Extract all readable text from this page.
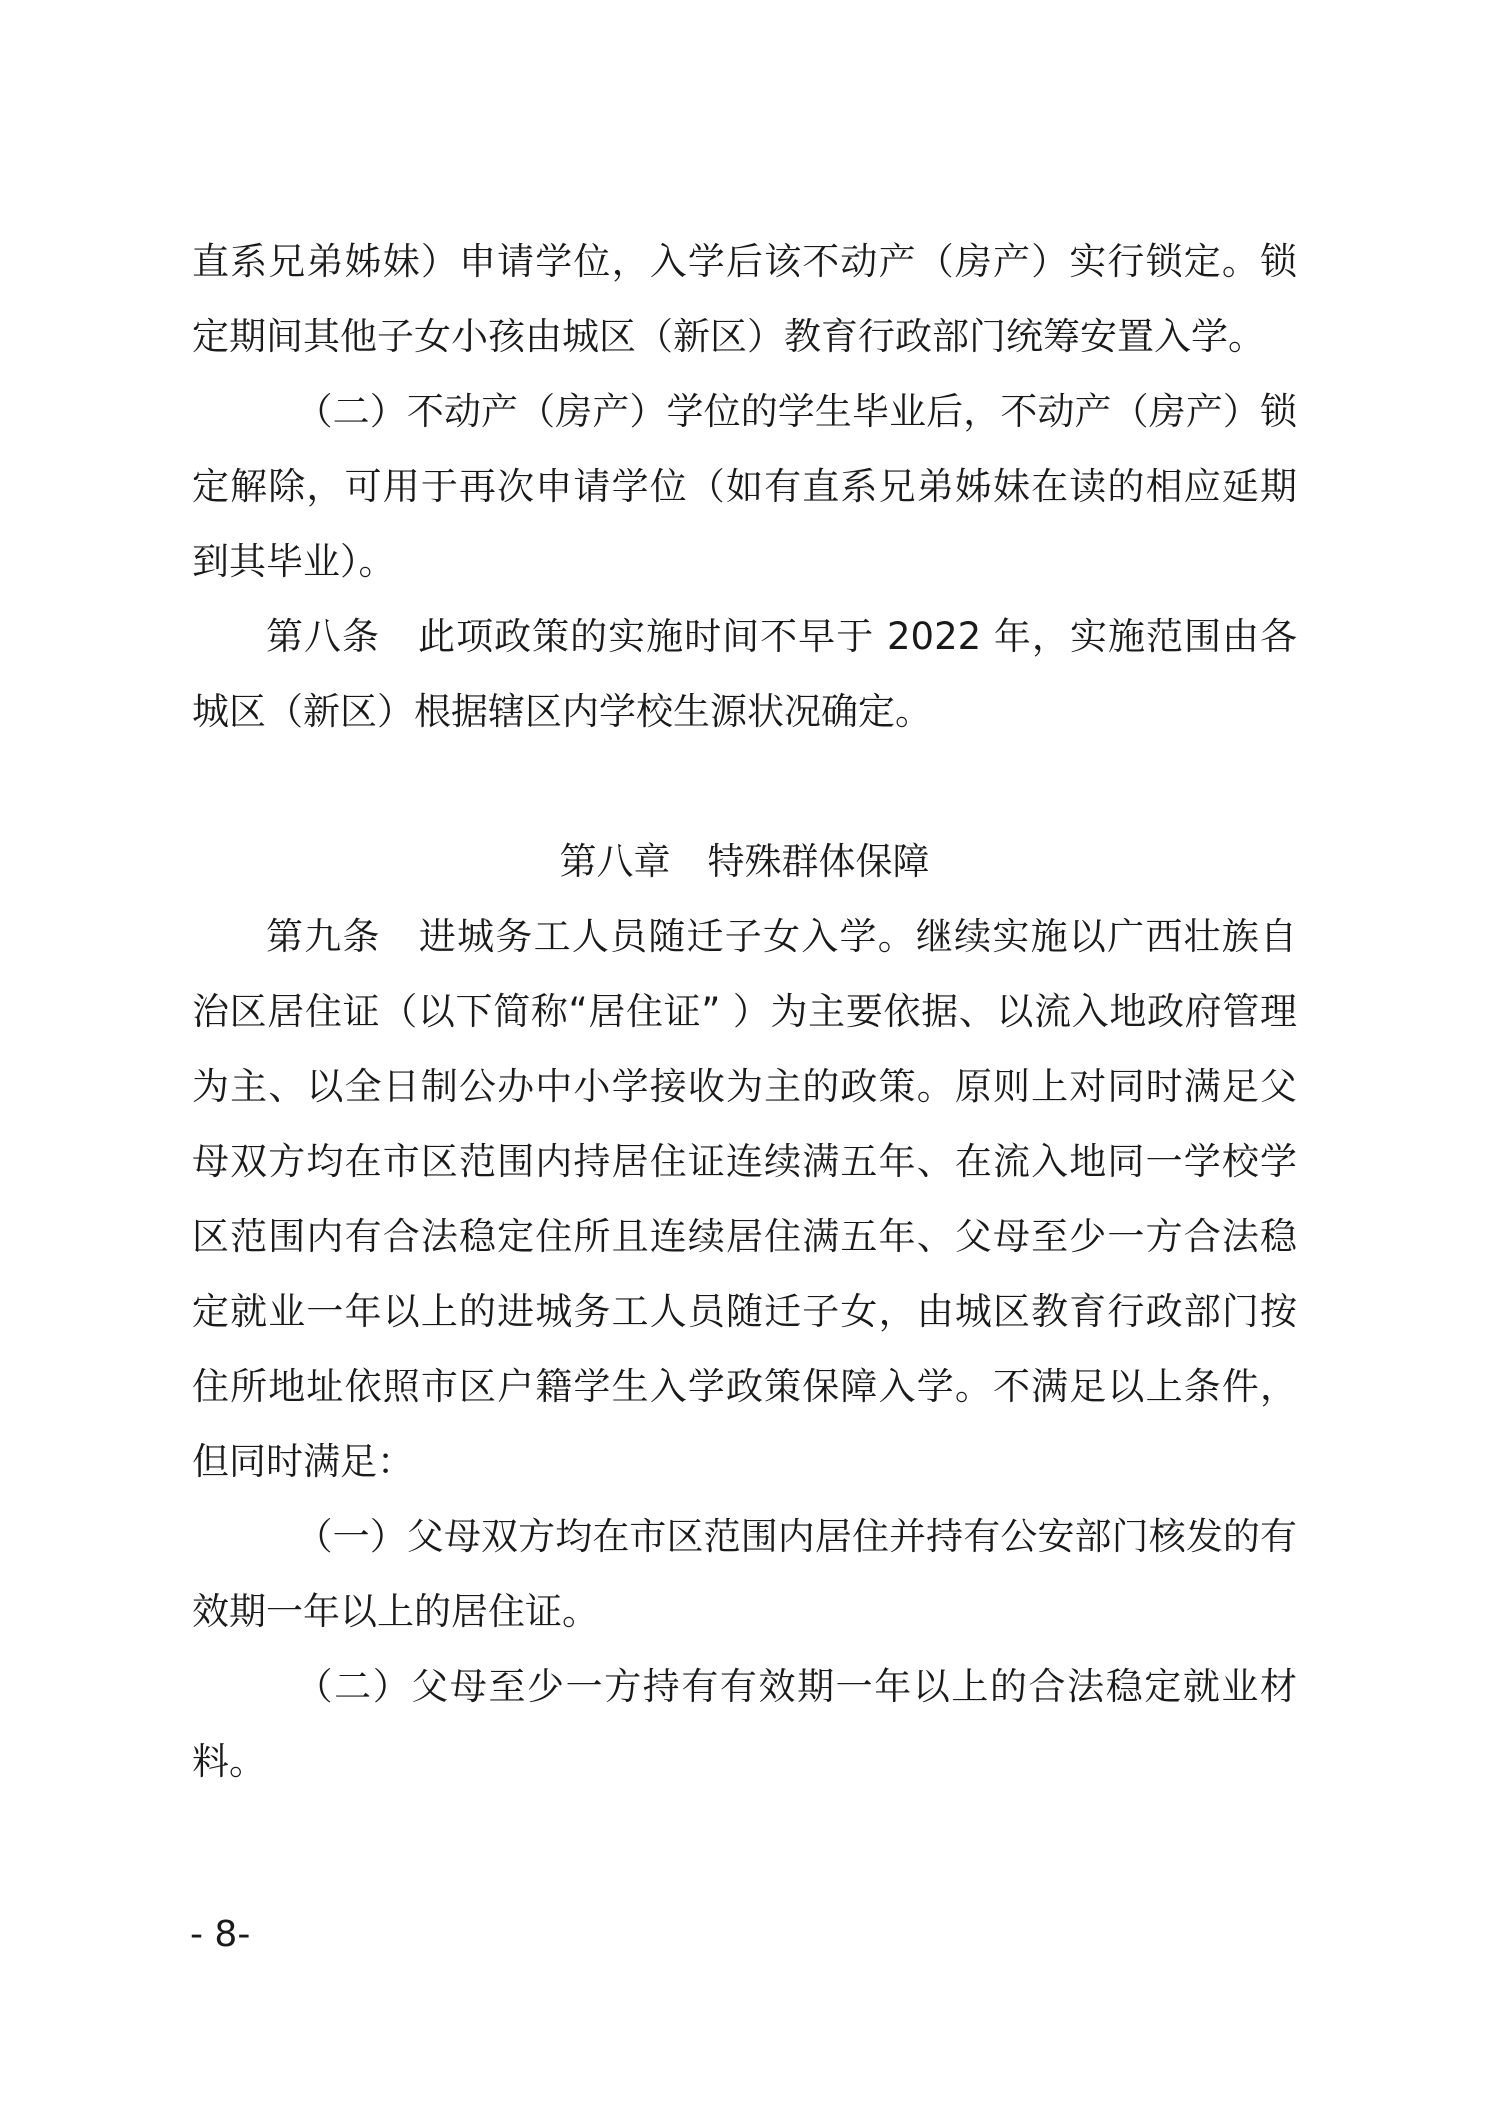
直系兄弟姊妹）申请学位，入学后该不动产（房产）实行锁定。锁定期间其他子女小孩由城区（新区）教育行政部门统筹安置入学。

（二）不动产（房产）学位的学生毕业后，不动产（房产）锁定解除，可用于再次申请学位（如有直系兄弟姊妹在读的相应延期到其毕业）。

第八条 此项政策的实施时间不早于 2022 年，实施范围由各城区（新区）根据辖区内学校生源状况确定。

第八章 特殊群体保障

第九条 进城务工人员随迁子女入学。继续实施以广西壮族自治区居住证（以下简称“居住证” ）为主要依据、以流入地政府管理为主、以全日制公办中小学接收为主的政策。原则上对同时满足父母双方均在市区范围内持居住证连续满五年、在流入地同一学校学区范围内有合法稳定住所且连续居住满五年、父母至少一方合法稳定就业一年以上的进城务工人员随迁子女，由城区教育行政部门按住所地址依照市区户籍学生入学政策保障入学。不满足以上条件，但同时满足：

（一）父母双方均在市区范围内居住并持有公安部门核发的有效期一年以上的居住证。

（二）父母至少一方持有有效期一年以上的合法稳定就业材料。

- 8-
